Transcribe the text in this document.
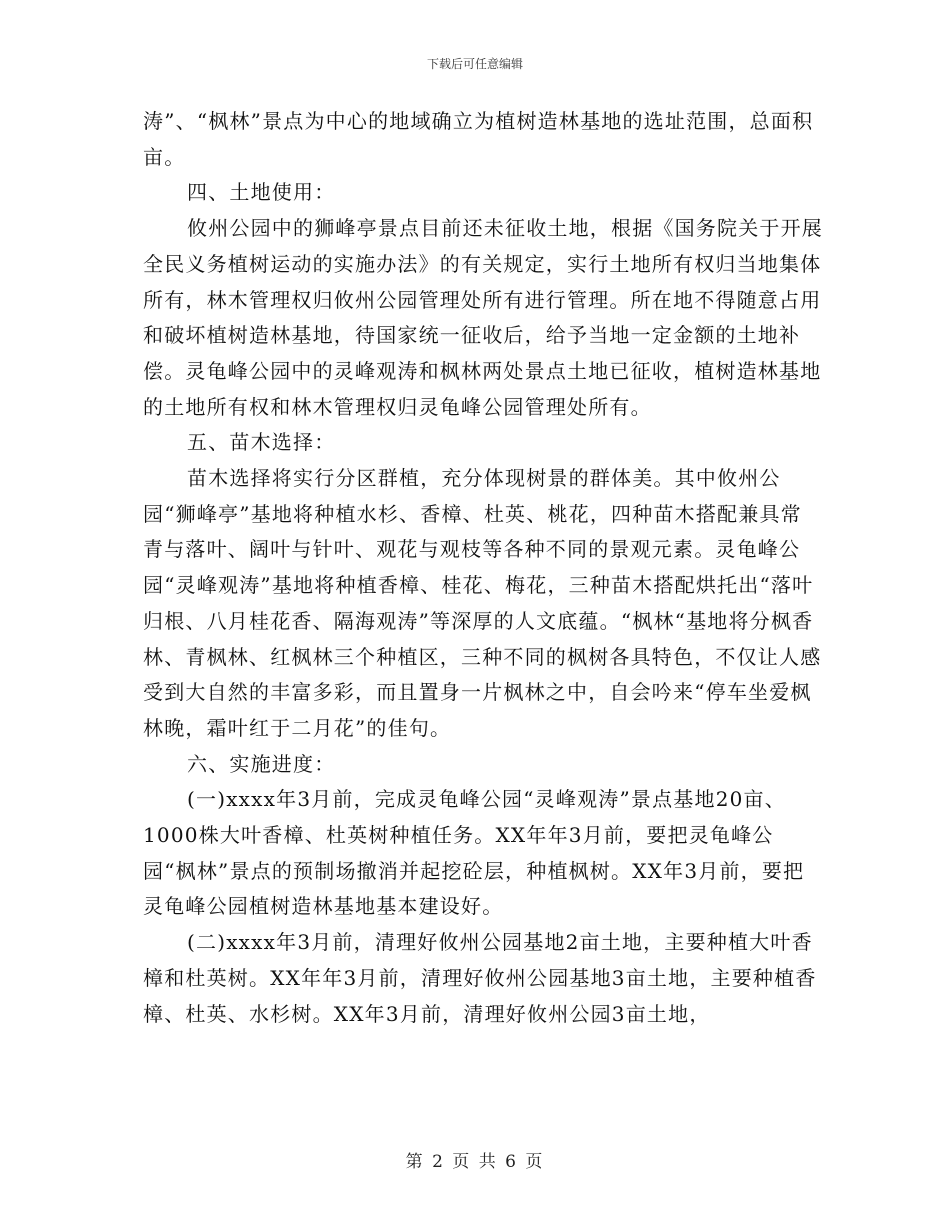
下载后可任意编辑

涛”、“枫林”景点为中心的地域确立为植树造林基地的选址范围，总面积 亩。

四、土地使用：

攸州公园中的狮峰亭景点目前还未征收土地，根据《国务院关于开展全民义务植树运动的实施办法》的有关规定，实行土地所有权归当地集体所有，林木管理权归攸州公园管理处所有进行管理。所在地不得随意占用和破坏植树造林基地，待国家统一征收后，给予当地一定金额的土地补偿。灵龟峰公园中的灵峰观涛和枫林两处景点土地已征收，植树造林基地的土地所有权和林木管理权归灵龟峰公园管理处所有。

五、苗木选择：

苗木选择将实行分区群植，充分体现树景的群体美。其中攸州公园“狮峰亭”基地将种植水杉、香樟、杜英、桃花，四种苗木搭配兼具常青与落叶、阔叶与针叶、观花与观枝等各种不同的景观元素。灵龟峰公园“灵峰观涛”基地将种植香樟、桂花、梅花，三种苗木搭配烘托出“落叶归根、八月桂花香、隔海观涛”等深厚的人文底蕴。“枫林“基地将分枫香林、青枫林、红枫林三个种植区，三种不同的枫树各具特色，不仅让人感受到大自然的丰富多彩，而且置身一片枫林之中，自会吟来“停车坐爱枫林晚，霜叶红于二月花”的佳句。

六、实施进度：

(一)xxxx年3月前，完成灵龟峰公园“灵峰观涛”景点基地20亩、1000株大叶香樟、杜英树种植任务。XX年年3月前，要把灵龟峰公园“枫林”景点的预制场撤消并起挖砼层，种植枫树。XX年3月前，要把灵龟峰公园植树造林基地基本建设好。

(二)xxxx年3月前，清理好攸州公园基地2亩土地，主要种植大叶香樟和杜英树。XX年年3月前，清理好攸州公园基地3亩土地，主要种植香樟、杜英、水杉树。XX年3月前，清理好攸州公园3亩土地，

第 2 页 共 6 页
